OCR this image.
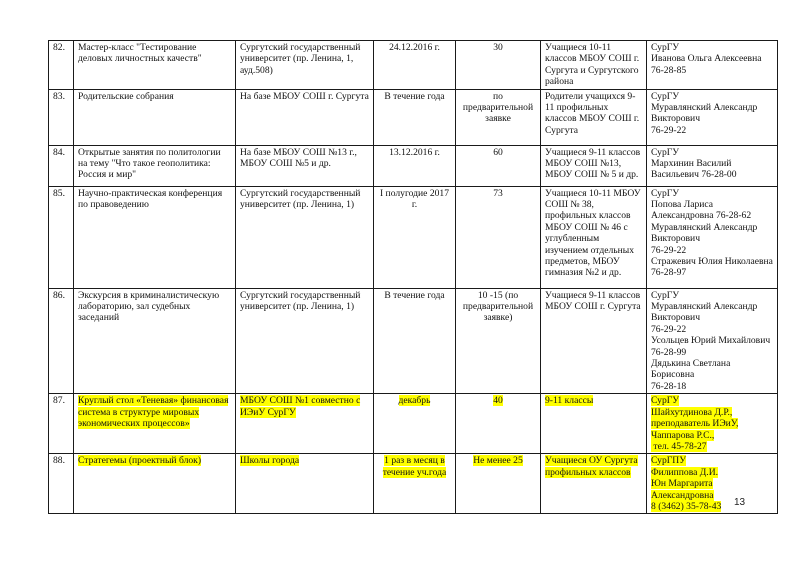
82.	Мастер-класс "Тестирование деловых личностных качеств"	Сургутский государственный университет (пр. Ленина, 1, ауд.508)	24.12.2016 г.	30	Учащиеся 10-11 классов МБОУ СОШ г. Сургута и Сургутского района	СурГУ
Иванова Ольга Алексеевна
76-28-85

83.	Родительские собрания	На базе МБОУ СОШ г. Сургута	В течение года	по предварительной заявке	Родители учащихся 9-11 профильных классов МБОУ СОШ г. Сургута	СурГУ
Муравлянский Александр Викторович
76-29-22

84.	Открытые занятия по политологии на тему "Что такое геополитика: Россия и мир"	На базе МБОУ СОШ №13 г., МБОУ СОШ №5 и др.	13.12.2016 г.	60	Учащиеся 9-11 классов МБОУ СОШ №13, МБОУ СОШ № 5 и др.	СурГУ
Мархинин Василий Васильевич 76-28-00

85.	Научно-практическая конференция по правоведению	Сургутский государственный университет (пр. Ленина, 1)	I полугодие 2017 г.	73	Учащиеся 10-11 МБОУ СОШ № 38, профильных классов МБОУ СОШ № 46 с углубленным изучением отдельных предметов, МБОУ гимназия №2 и др.	
СурГУ
Попова Лариса Александровна 76-28-62
Муравлянский Александр Викторович
76-29-22
Стражевич Юлия Николаевна
76-28-97

86.	Экскурсия в криминалистическую лабораторию, зал судебных заседаний	Сургутский государственный университет (пр. Ленина, 1)	В течение года	10 -15 (по предварительной заявке)	Учащиеся 9-11 классов МБОУ СОШ г. Сургута	
СурГУ
Муравлянский Александр Викторович
76-29-22
Усольцев Юрий Михайлович
76-28-99
Дядькина Светлана Борисовна
76-28-18

87.	Круглый стол «Теневая» финансовая система в структуре мировых экономических процессов»	МБОУ СОШ №1 совместно с ИЭиУ СурГУ	декабрь	40	9-11 классы	СурГУ
Шайхутдинова Д.Р., преподаватель ИЭиУ,
Чаппарова Р.С.,
тел. 45-78-27

88.	Стратегемы (проектный блок)	Школы города	1 раз в месяц в течение уч.года	Не менее 25	Учащиеся ОУ Сургута профильных классов	СурГПУ
Филиппова Д.И.
Юн Маргарита Александровна
8 (3462) 35-78-43	13
